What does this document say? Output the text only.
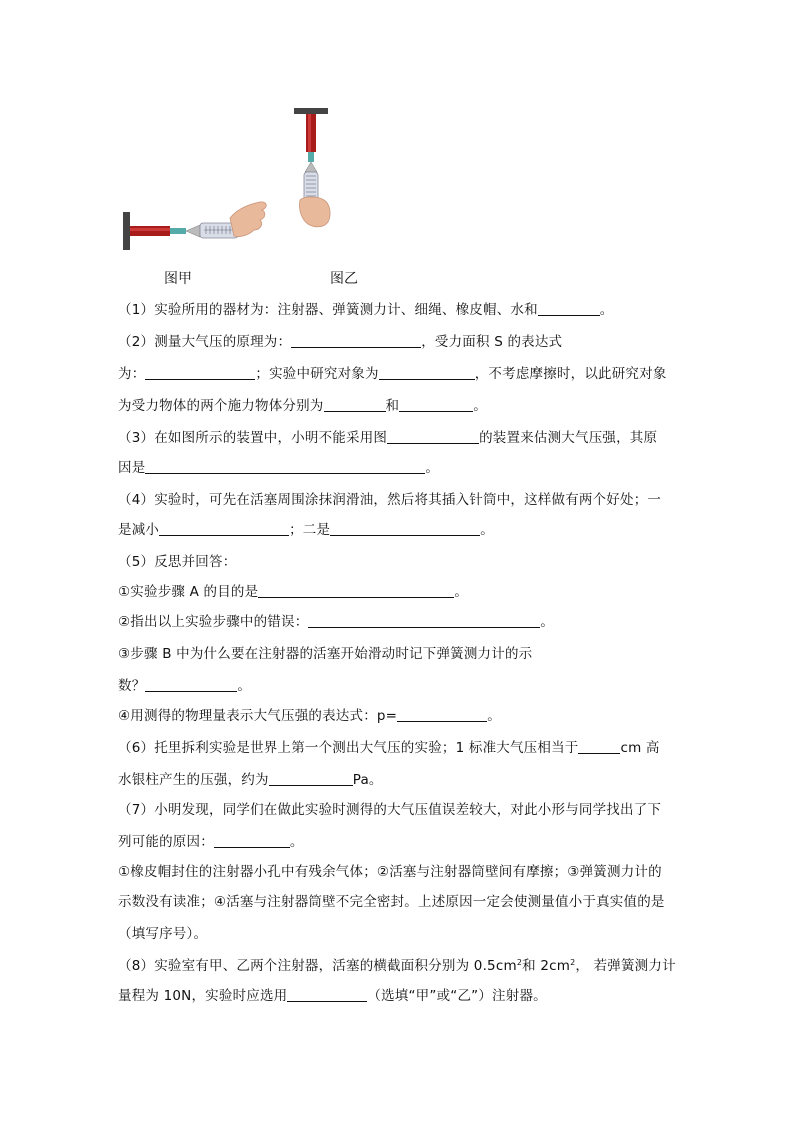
图甲	图乙
（1）实验所用的器材为：注射器、弹簧测力计、细绳、橡皮帽、水和	。
（2）测量大气压的原理为：	，受力面积 S 的表达式
为：	；实验中研究对象为	，不考虑摩擦时，以此研究对象
为受力物体的两个施力物体分别为	和	。
（3）在如图所示的装置中，小明不能采用图	的装置来估测大气压强，其原
因是	。
（4）实验时，可先在活塞周围涂抹润滑油，然后将其插入针筒中，这样做有两个好处；一
是减小	；二是	。
（5）反思并回答：
①实验步骤 A 的目的是	。
②指出以上实验步骤中的错误：	。
③步骤 B 中为什么要在注射器的活塞开始滑动时记下弹簧测力计的示
数？	。
④用测得的物理量表示大气压强的表达式：p=	。
（6）托里拆利实验是世界上第一个测出大气压的实验；1 标准大气压相当于	cm 高
水银柱产生的压强，约为	Pa。
（7）小明发现，同学们在做此实验时测得的大气压值误差较大，对此小形与同学找出了下
列可能的原因：	。
①橡皮帽封住的注射器小孔中有残余气体；②活塞与注射器筒壁间有摩擦；③弹簧测力计的
示数没有读准；④活塞与注射器筒壁不完全密封。上述原因一定会使测量值小于真实值的是
（填写序号）。
（8）实验室有甲、乙两个注射器，活塞的横截面积分别为 $0.5cm^2$和 $2cm^2$， 若弹簧测力计
量程为 10N，实验时应选用	（选填“甲”或“乙”）注射器。
